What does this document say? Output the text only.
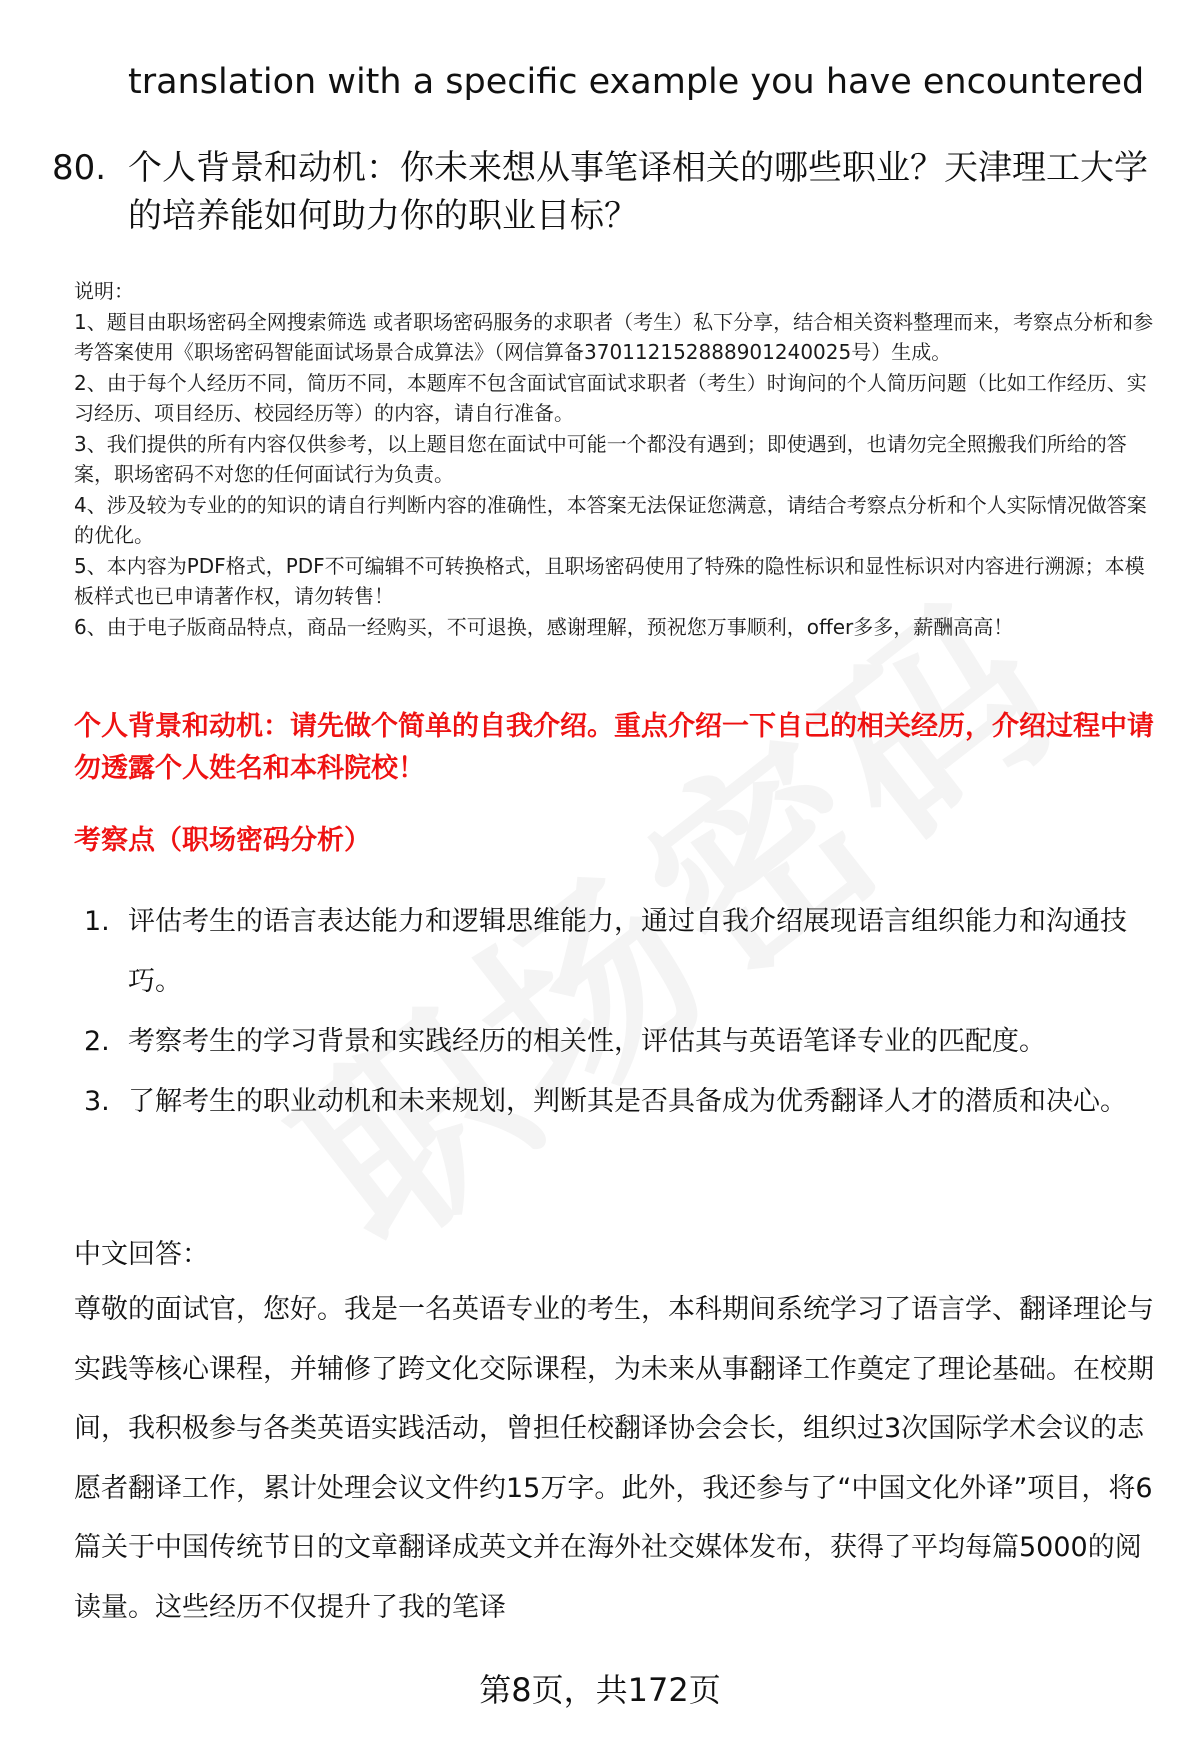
translation with a specific example you have encountered
80. 个人背景和动机：你未来想从事笔译相关的哪些职业？天津理工大学的培养能如何助力你的职业目标？

说明：

1、题目由职场密码全网搜索筛选 或者职场密码服务的求职者（考生）私下分享，结合相关资料整理而来，考察点分析和参考答案使用《职场密码智能面试场景合成算法》（网信算备370112152888901240025号）生成。

2、由于每个人经历不同，简历不同，本题库不包含面试官面试求职者（考生）时询问的个人简历问题（比如工作经历、实习经历、项目经历、校园经历等）的内容，请自行准备。

3、我们提供的所有内容仅供参考，以上题目您在面试中可能一个都没有遇到；即使遇到，也请勿完全照搬我们所给的答案，职场密码不对您的任何面试行为负责。

4、涉及较为专业的的知识的请自行判断内容的准确性，本答案无法保证您满意，请结合考察点分析和个人实际情况做答案的优化。

5、本内容为PDF格式，PDF不可编辑不可转换格式，且职场密码使用了特殊的隐性标识和显性标识对内容进行溯源；本模板样式也已申请著作权，请勿转售！

6、由于电子版商品特点，商品一经购买，不可退换，感谢理解，预祝您万事顺利，offer多多，薪酬高高！

个人背景和动机：请先做个简单的自我介绍。重点介绍一下自己的相关经历，介绍过程中请勿透露个人姓名和本科院校！
考察点（职场密码分析）
1. 评估考生的语言表达能力和逻辑思维能力，通过自我介绍展现语言组织能力和沟通技巧。
2. 考察考生的学习背景和实践经历的相关性，评估其与英语笔译专业的匹配度。
3. 了解考生的职业动机和未来规划，判断其是否具备成为优秀翻译人才的潜质和决心。
中文回答：

尊敬的面试官，您好。我是一名英语专业的考生，本科期间系统学习了语言学、翻译理论与实践等核心课程，并辅修了跨文化交际课程，为未来从事翻译工作奠定了理论基础。在校期间，我积极参与各类英语实践活动，曾担任校翻译协会会长，组织过3次国际学术会议的志愿者翻译工作，累计处理会议文件约15万字。此外，我还参与了“中国文化外译”项目，将6篇关于中国传统节日的文章翻译成英文并在海外社交媒体发布，获得了平均每篇5000的阅读量。这些经历不仅提升了我的笔译

第8页，共172页
